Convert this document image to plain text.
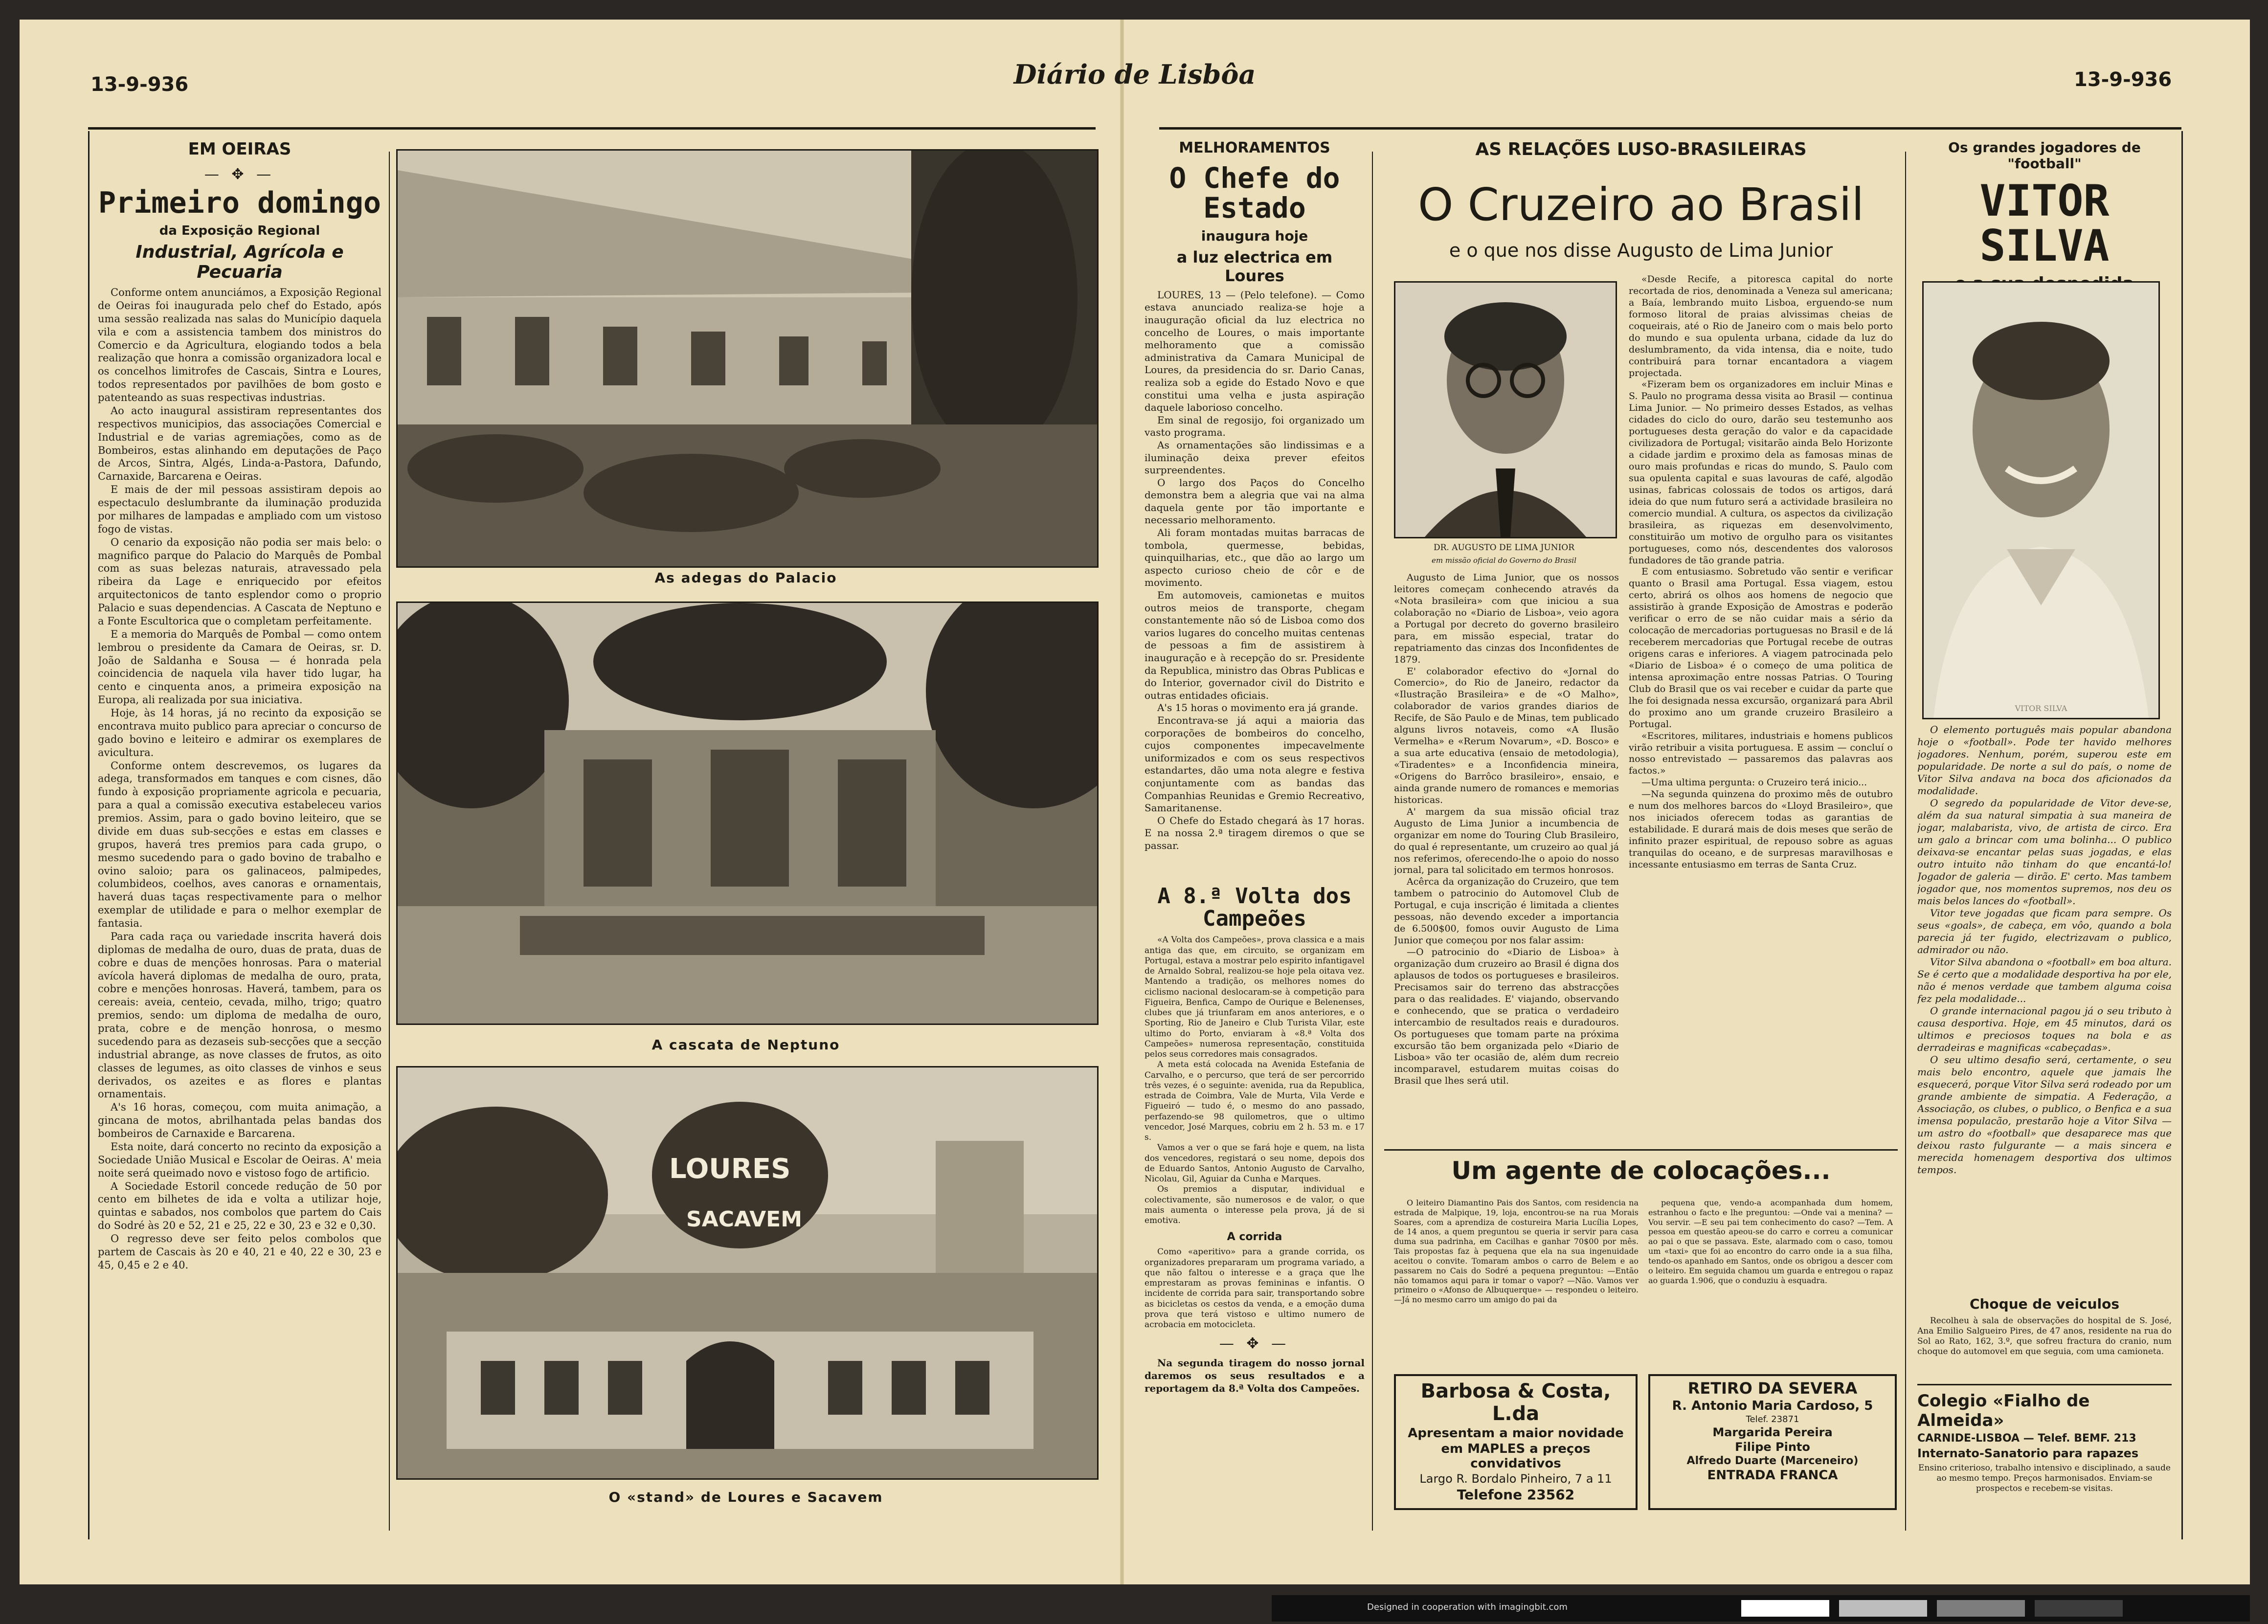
13-9-936	13-9-936
Diário de Lisbôa
EM OEIRAS
— ✥ —
Primeiro domingo
da Exposição Regional
Industrial, Agrícola e Pecuaria

Conforme ontem anunciámos, a Exposição Regional de Oeiras foi inaugurada pelo chef do Estado, após uma sessão realizada nas salas do Município daquela vila e com a assistencia tambem dos ministros do Comercio e da Agricultura, elogiando todos a bela realização que honra a comissão organizadora local e os concelhos limitrofes de Cascais, Sintra e Loures, todos representados por pavilhões de bom gosto e patenteando as suas respectivas industrias.

Ao acto inaugural assistiram representantes dos respectivos municipios, das associações Comercial e Industrial e de varias agremiações, como as de Bombeiros, estas alinhando em deputações de Paço de Arcos, Sintra, Algés, Linda-a-Pastora, Dafundo, Carnaxide, Barcarena e Oeiras.

E mais de der mil pessoas assistiram depois ao espectaculo deslumbrante da iluminação produzida por milhares de lampadas e ampliado com um vistoso fogo de vistas.

O cenario da exposição não podia ser mais belo: o magnifico parque do Palacio do Marquês de Pombal com as suas belezas naturais, atravessado pela ribeira da Lage e enriquecido por efeitos arquitectonicos de tanto esplendor como o proprio Palacio e suas dependencias. A Cascata de Neptuno e a Fonte Escultorica que o completam perfeitamente.

E a memoria do Marquês de Pombal — como ontem lembrou o presidente da Camara de Oeiras, sr. D. João de Saldanha e Sousa — é honrada pela coincidencia de naquela vila haver tido lugar, ha cento e cinquenta anos, a primeira exposição na Europa, ali realizada por sua iniciativa.

Hoje, às 14 horas, já no recinto da exposição se encontrava muito publico para apreciar o concurso de gado bovino e leiteiro e admirar os exemplares de avicultura.

Conforme ontem descrevemos, os lugares da adega, transformados em tanques e com cisnes, dão fundo à exposição propriamente agricola e pecuaria, para a qual a comissão executiva estabeleceu varios premios. Assim, para o gado bovino leiteiro, que se divide em duas sub-secções e estas em classes e grupos, haverá tres premios para cada grupo, o mesmo sucedendo para o gado bovino de trabalho e ovino saloio; para os galinaceos, palmipedes, columbideos, coelhos, aves canoras e ornamentais, haverá duas taças respectivamente para o melhor exemplar de utilidade e para o melhor exemplar de fantasia.

Para cada raça ou variedade inscrita haverá dois diplomas de medalha de ouro, duas de prata, duas de cobre e duas de menções honrosas. Para o material avícola haverá diplomas de medalha de ouro, prata, cobre e menções honrosas. Haverá, tambem, para os cereais: aveia, centeio, cevada, milho, trigo; quatro premios, sendo: um diploma de medalha de ouro, prata, cobre e de menção honrosa, o mesmo sucedendo para as dezaseis sub-secções que a secção industrial abrange, as nove classes de frutos, as oito classes de legumes, as oito classes de vinhos e seus derivados, os azeites e as flores e plantas ornamentais.

A's 16 horas, começou, com muita animação, a gincana de motos, abrilhantada pelas bandas dos bombeiros de Carnaxide e Barcarena.

Esta noite, dará concerto no recinto da exposição a Sociedade União Musical e Escolar de Oeiras. A' meia noite será queimado novo e vistoso fogo de artificio.

A Sociedade Estoril concede redução de 50 por cento em bilhetes de ida e volta a utilizar hoje, quintas e sabados, nos combolos que partem do Cais do Sodré às 20 e 52, 21 e 25, 22 e 30, 23 e 32 e 0,30.

O regresso deve ser feito pelos combolos que partem de Cascais às 20 e 40, 21 e 40, 22 e 30, 23 e 45, 0,45 e 2 e 40.

As adegas do Palacio
A cascata de Neptuno
LOURES
SACAVEM
O «stand» de Loures e Sacavem
MELHORAMENTOS
O Chefe do Estado
inaugura hoje
a luz electrica em Loures

LOURES, 13 — (Pelo telefone). — Como estava anunciado realiza-se hoje a inauguração oficial da luz electrica no concelho de Loures, o mais importante melhoramento que a comissão administrativa da Camara Municipal de Loures, da presidencia do sr. Dario Canas, realiza sob a egide do Estado Novo e que constitui uma velha e justa aspiração daquele laborioso concelho.

Em sinal de regosijo, foi organizado um vasto programa.

As ornamentações são lindissimas e a iluminação deixa prever efeitos surpreendentes.

O largo dos Paços do Concelho demonstra bem a alegria que vai na alma daquela gente por tão importante e necessario melhoramento.

Ali foram montadas muitas barracas de tombola, quermesse, bebidas, quinquilharias, etc., que dão ao largo um aspecto curioso cheio de côr e de movimento.

Em automoveis, camionetas e muitos outros meios de transporte, chegam constantemente não só de Lisboa como dos varios lugares do concelho muitas centenas de pessoas a fim de assistirem à inauguração e à recepção do sr. Presidente da Republica, ministro das Obras Publicas e do Interior, governador civil do Distrito e outras entidades oficiais.

A's 15 horas o movimento era já grande.

Encontrava-se já aqui a maioria das corporações de bombeiros do concelho, cujos componentes impecavelmente uniformizados e com os seus respectivos estandartes, dão uma nota alegre e festiva conjuntamente com as bandas das Companhias Reunidas e Gremio Recreativo, Samaritanense.

O Chefe do Estado chegará às 17 horas. E na nossa 2.ª tiragem diremos o que se passar.

A 8.ª Volta dos Campeões

«A Volta dos Campeões», prova classica e a mais antiga das que, em circuito, se organizam em Portugal, estava a mostrar pelo espirito infantigavel de Arnaldo Sobral, realizou-se hoje pela oitava vez. Mantendo a tradição, os melhores nomes do ciclismo nacional deslocaram-se à competição para Figueira, Benfica, Campo de Ourique e Belenenses, clubes que já triunfaram em anos anteriores, e o Sporting, Rio de Janeiro e Club Turista Vilar, este ultimo do Porto, enviaram à «8.ª Volta dos Campeões» numerosa representação, constituida pelos seus corredores mais consagrados.

A meta está colocada na Avenida Estefania de Carvalho, e o percurso, que terá de ser percorrido três vezes, é o seguinte: avenida, rua da Republica, estrada de Coimbra, Vale de Murta, Vila Verde e Figueiró — tudo é, o mesmo do ano passado, perfazendo-se 98 quilometros, que o ultimo vencedor, José Marques, cobriu em 2 h. 53 m. e 17 s.

Vamos a ver o que se fará hoje e quem, na lista dos vencedores, registará o seu nome, depois dos de Eduardo Santos, Antonio Augusto de Carvalho, Nicolau, Gil, Aguiar da Cunha e Marques.

Os premios a disputar, individual e colectivamente, são numerosos e de valor, o que mais aumenta o interesse pela prova, já de si emotiva.

A corrida

Como «aperitivo» para a grande corrida, os organizadores prepararam um programa variado, a que não faltou o interesse e a graça que lhe emprestaram as provas femininas e infantis. O incidente de corrida para sair, transportando sobre as bicicletas os cestos da venda, e a emoção duma prova que terá vistoso e ultimo numero de acrobacia em motocicleta.

— ✥ —

Na segunda tiragem do nosso jornal daremos os seus resultados e a reportagem da 8.ª Volta dos Campeões.

AS RELAÇÕES LUSO-BRASILEIRAS
O Cruzeiro ao Brasil
e o que nos disse Augusto de Lima Junior
DR. AUGUSTO DE LIMA JUNIOR
em missão oficial do Governo do Brasil

Augusto de Lima Junior, que os nossos leitores começam conhecendo através da «Nota brasileira» com que iniciou a sua colaboração no «Diario de Lisboa», veio agora a Portugal por decreto do governo brasileiro para, em missão especial, tratar do repatriamento das cinzas dos Inconfidentes de 1879.

E' colaborador efectivo do «Jornal do Comercio», do Rio de Janeiro, redactor da «Ilustração Brasileira» e de «O Malho», colaborador de varios grandes diarios de Recife, de São Paulo e de Minas, tem publicado alguns livros notaveis, como «A Ilusão Vermelha» e «Rerum Novarum», «D. Bosco» e a sua arte educativa (ensaio de metodologia), «Tiradentes» e a Inconfidencia mineira, «Origens do Barrôco brasileiro», ensaio, e ainda grande numero de romances e memorias historicas.

A' margem da sua missão oficial traz Augusto de Lima Junior a incumbencia de organizar em nome do Touring Club Brasileiro, do qual é representante, um cruzeiro ao qual já nos referimos, oferecendo-lhe o apoio do nosso jornal, para tal solicitado em termos honrosos.

Acêrca da organização do Cruzeiro, que tem tambem o patrocinio do Automovel Club de Portugal, e cuja inscrição é limitada a clientes pessoas, não devendo exceder a importancia de 6.500$00, fomos ouvir Augusto de Lima Junior que começou por nos falar assim:

—O patrocinio do «Diario de Lisboa» à organização dum cruzeiro ao Brasil é digna dos aplausos de todos os portugueses e brasileiros. Precisamos sair do terreno das abstracções para o das realidades. E' viajando, observando e conhecendo, que se pratica o verdadeiro intercambio de resultados reais e duradouros. Os portugueses que tomam parte na próxima excursão tão bem organizada pelo «Diario de Lisboa» vão ter ocasião de, além dum recreio incomparavel, estudarem muitas coisas do Brasil que lhes será util.

«Desde Recife, a pitoresca capital do norte recortada de rios, denominada a Veneza sul americana; a Baía, lembrando muito Lisboa, erguendo-se num formoso litoral de praias alvissimas cheias de coqueirais, até o Rio de Janeiro com o mais belo porto do mundo e sua opulenta urbana, cidade da luz do deslumbramento, da vida intensa, dia e noite, tudo contribuirá para tornar encantadora a viagem projectada.

«Fizeram bem os organizadores em incluir Minas e S. Paulo no programa dessa visita ao Brasil — continua Lima Junior. — No primeiro desses Estados, as velhas cidades do ciclo do ouro, darão seu testemunho aos portugueses desta geração do valor e da capacidade civilizadora de Portugal; visitarão ainda Belo Horizonte a cidade jardim e proximo dela as famosas minas de ouro mais profundas e ricas do mundo, S. Paulo com sua opulenta capital e suas lavouras de café, algodão usinas, fabricas colossais de todos os artigos, dará ideia do que num futuro será a actividade brasileira no comercio mundial. A cultura, os aspectos da civilização brasileira, as riquezas em desenvolvimento, constituirão um motivo de orgulho para os visitantes portugueses, como nós, descendentes dos valorosos fundadores de tão grande patria.

E com entusiasmo. Sobretudo vão sentir e verificar quanto o Brasil ama Portugal. Essa viagem, estou certo, abrirá os olhos aos homens de negocio que assistirão à grande Exposição de Amostras e poderão verificar o erro de se não cuidar mais a sério da colocação de mercadorias portuguesas no Brasil e de lá receberem mercadorias que Portugal recebe de outras origens caras e inferiores. A viagem patrocinada pelo «Diario de Lisboa» é o começo de uma politica de intensa aproximação entre nossas Patrias. O Touring Club do Brasil que os vai receber e cuidar da parte que lhe foi designada nessa excursão, organizará para Abril do proximo ano um grande cruzeiro Brasileiro a Portugal.

«Escritores, militares, industriais e homens publicos virão retribuir a visita portuguesa. E assim — concluí o nosso entrevistado — passaremos das palavras aos factos.»

—Uma ultima pergunta: o Cruzeiro terá inicio...

—Na segunda quinzena do proximo mês de outubro e num dos melhores barcos do «Lloyd Brasileiro», que nos iniciados oferecem todas as garantias de estabilidade. E durará mais de dois meses que serão de infinito prazer espiritual, de repouso sobre as aguas tranquilas do oceano, e de surpresas maravilhosas e incessante entusiasmo em terras de Santa Cruz.

Um agente de colocações...

O leiteiro Diamantino Pais dos Santos, com residencia na estrada de Malpique, 19, loja, encontrou-se na rua Morais Soares, com a aprendiza de costureira Maria Lucília Lopes, de 14 anos, a quem preguntou se queria ir servir para casa duma sua padrinha, em Cacilhas e ganhar 70$00 por mês. Tais propostas faz à pequena que ela na sua ingenuidade aceitou o convite. Tomaram ambos o carro de Belem e ao passarem no Cais do Sodré a pequena preguntou: —Então não tomamos aqui para ir tomar o vapor? —Não. Vamos ver primeiro o «Afonso de Albuquerque» — respondeu o leiteiro. —Já no mesmo carro um amigo do pai da

pequena que, vendo-a acompanhada dum homem, estranhou o facto e lhe preguntou: —Onde vai a menina? —Vou servir. —E seu pai tem conhecimento do caso? —Tem. A pessoa em questão apeou-se do carro e correu a comunicar ao pai o que se passava. Este, alarmado com o caso, tomou um «taxi» que foi ao encontro do carro onde ia a sua filha, tendo-os apanhado em Santos, onde os obrigou a descer com o leiteiro. Em seguida chamou um guarda e entregou o rapaz ao guarda 1.906, que o conduziu à esquadra.

Barbosa & Costa, L.da
Apresentam a maior novidade
em MAPLES a preços convidativos
Largo R. Bordalo Pinheiro, 7 a 11
Telefone 23562
RETIRO DA SEVERA
R. Antonio Maria Cardoso, 5
Telef. 23871
Margarida Pereira
Filipe Pinto
Alfredo Duarte (Marceneiro)
ENTRADA FRANCA
Os grandes jogadores de "football"
VITOR SILVA
VITOR SILVA

O elemento português mais popular abandona hoje o «football». Pode ter havido melhores jogadores. Nenhum, porém, superou este em popularidade. De norte a sul do país, o nome de Vitor Silva andava na boca dos aficionados da modalidade.

O segredo da popularidade de Vitor deve-se, além da sua natural simpatia à sua maneira de jogar, malabarista, vivo, de artista de circo. Era um galo a brincar com uma bolinha... O publico deixava-se encantar pelas suas jogadas, e elas outro intuito não tinham do que encantá-lo! Jogador de galeria — dirão. E' certo. Mas tambem jogador que, nos momentos supremos, nos deu os mais belos lances do «football».

Vitor teve jogadas que ficam para sempre. Os seus «goals», de cabeça, em vôo, quando a bola parecia já ter fugido, electrizavam o publico, admirador ou não.

Vitor Silva abandona o «football» em boa altura. Se é certo que a modalidade desportiva ha por ele, não é menos verdade que tambem alguma coisa fez pela modalidade...

O grande internacional pagou já o seu tributo à causa desportiva. Hoje, em 45 minutos, dará os ultimos e preciosos toques na bola e as derradeiras e magnificas «cabeçadas».

O seu ultimo desafio será, certamente, o seu mais belo encontro, aquele que jamais lhe esquecerá, porque Vitor Silva será rodeado por um grande ambiente de simpatia. A Federação, a Associação, os clubes, o publico, o Benfica e a sua imensa populacão, prestarão hoje a Vitor Silva — um astro do «football» que desaparece mas que deixou rasto fulgurante — a mais sincera e merecida homenagem desportiva dos ultimos tempos.

Choque de veiculos

Recolheu à sala de observações do hospital de S. José, Ana Emilio Salgueiro Pires, de 47 anos, residente na rua do Sol ao Rato, 162, 3.º, que sofreu fractura do cranio, num choque do automovel em que seguia, com uma camioneta.

Colegio «Fialho de Almeida»
CARNIDE-LISBOA — Telef. BEMF. 213
Internato-Sanatorio para rapazes
Ensino criterioso, trabalho intensivo e disciplinado, a saude ao mesmo tempo. Preços harmonisados. Enviam-se prospectos e recebem-se visitas.
Designed in cooperation with imagingbit.com
